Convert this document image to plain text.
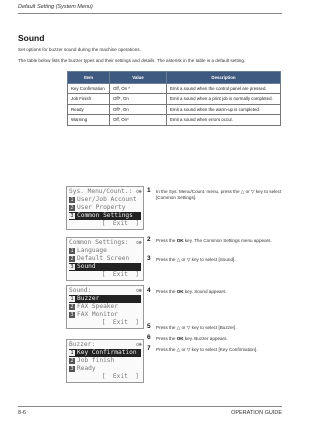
Default Setting (System Menu)
Sound
Set options for buzzer sound during the machine operations.
The table below lists the buzzer types and their settings and details. The asterisk in the table is a default setting.
Item	Value	Description
Key Confirmation	Off, On *	Emit a sound when the control panel are pressed.
Job Finish	Off*, On	Emit a sound when a print job is normally completed.
Ready	Off*, On	Emit a sound when the warm-up is completed.
Warning	Off, On*	Emit a sound when errors occur.
Sys. Menu/Count.: ◇◈
1 User/Job Account
2 User Property
3 Common Settings
[  Exit  ]
Common Settings: ◇◈
1 Language
2 Default Screen
3 Sound
[  Exit  ]
Sound:	◇◈
1 Buzzer
2 FAX Speaker
3 FAX Monitor
[  Exit  ]
Buzzer:	◇◈
1 Key Confirmation
2 Job finish
3 Ready
[  Exit  ]
1 In the Sys. Menu/Count. menu, press the △ or ▽ key to select [Common Settings].
2 Press the OK key. The Common Settings menu appears.
3 Press the △ or ▽ key to select [Sound].
4 Press the OK key. Sound appears.
5 Press the △ or ▽ key to select [Buzzer].
6 Press the OK key. Buzzer appears.
7 Press the △ or ▽ key to select [Key Confirmation].
8-6	OPERATION GUIDE
